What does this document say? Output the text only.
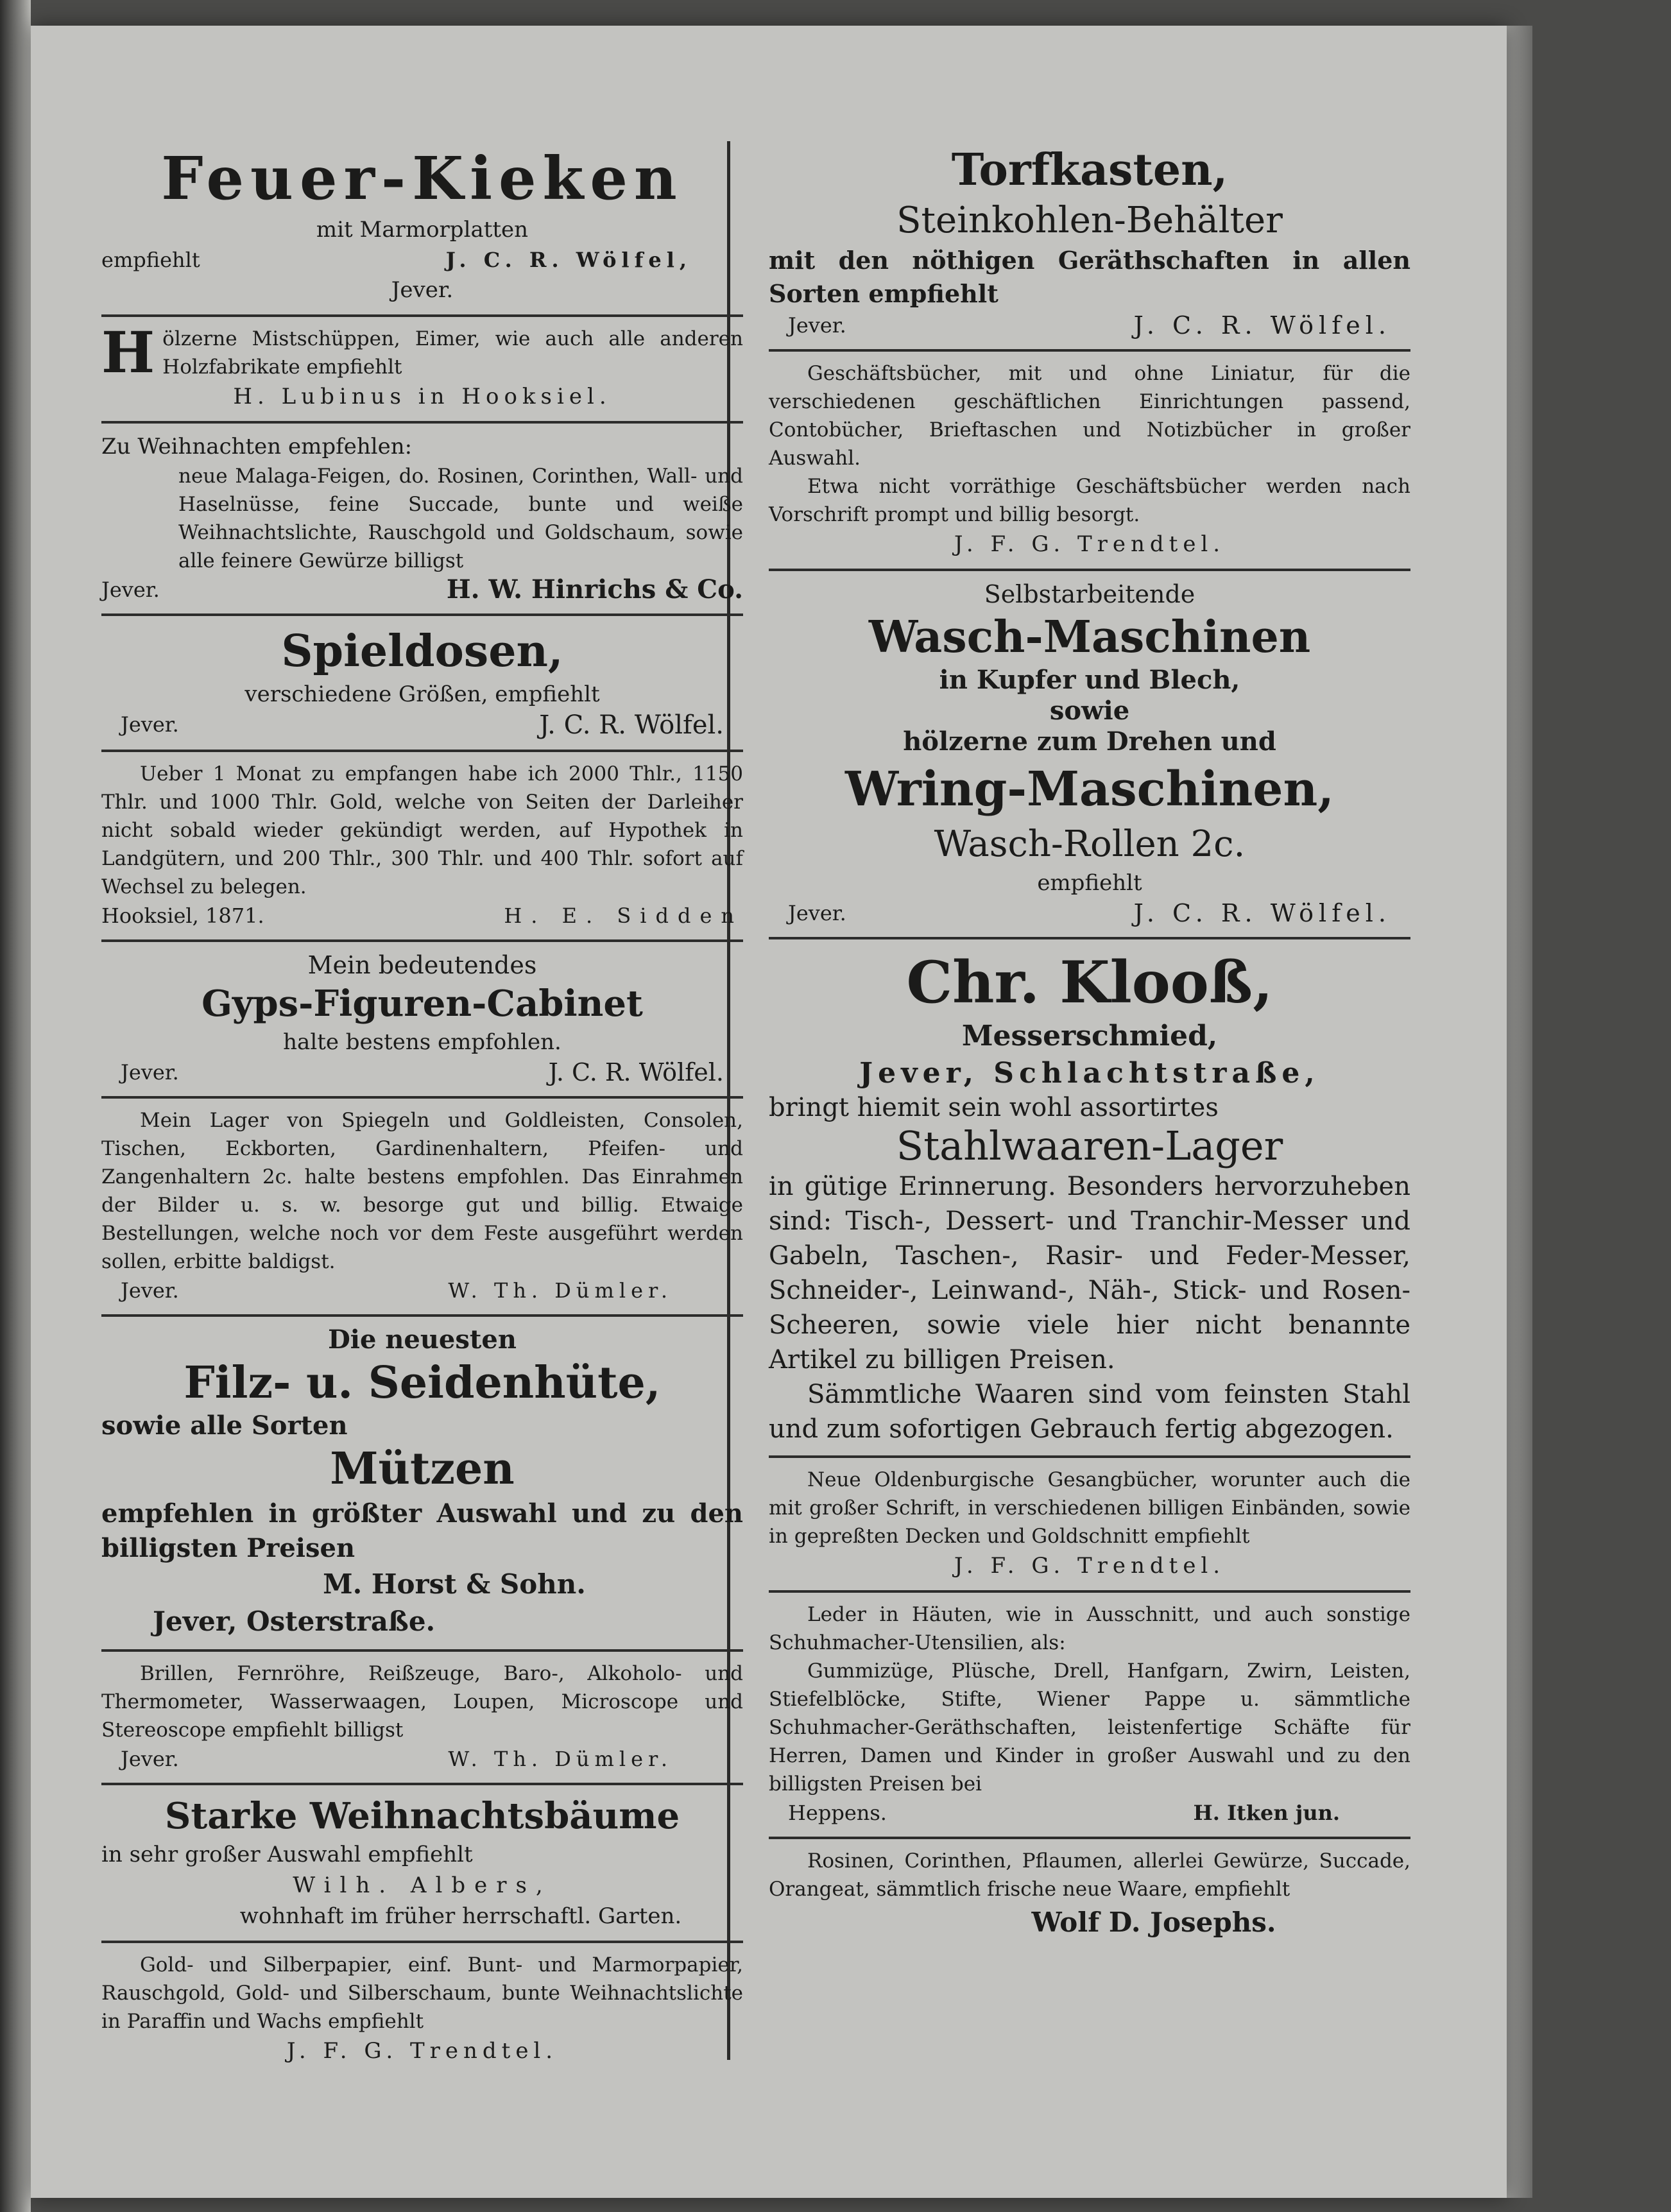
Feuer-Kieken
mit Marmorplatten
empfiehlt	J. C. R. Wölfel,
Jever.
H ölzerne Mistschüppen, Eimer, wie auch alle anderen Holzfabrikate empfiehlt

H. Lubinus in Hooksiel.
Zu Weihnachten empfehlen:

neue Malaga-Feigen, do. Rosinen, Corinthen, Wall- und Haselnüsse, feine Succade, bunte und weiße Weihnachtslichte, Rauschgold und Goldschaum, sowie alle feinere Gewürze billigst

Jever.	H. W. Hinrichs & Co.
Spieldosen,
verschiedene Größen, empfiehlt
Jever.	J. C. R. Wölfel.

Ueber 1 Monat zu empfangen habe ich 2000 Thlr., 1150 Thlr. und 1000 Thlr. Gold, welche von Seiten der Darleiher nicht sobald wieder gekündigt werden, auf Hypothek in Landgütern, und 200 Thlr., 300 Thlr. und 400 Thlr. sofort auf Wechsel zu belegen.

Hooksiel, 1871.	H. E. Sidden
Mein bedeutendes
Gyps-Figuren-Cabinet
halte bestens empfohlen.
Jever.	J. C. R. Wölfel.

Mein Lager von Spiegeln und Goldleisten, Consolen, Tischen, Eckborten, Gardinenhaltern, Pfeifen- und Zangenhaltern 2c. halte bestens empfohlen. Das Einrahmen der Bilder u. s. w. besorge gut und billig. Etwaige Bestellungen, welche noch vor dem Feste ausgeführt werden sollen, erbitte baldigst.

Jever.	W. Th. Dümler.
Die neuesten
Filz- u. Seidenhüte,
sowie alle Sorten
Mützen

empfehlen in größter Auswahl und zu den billigsten Preisen

M. Horst & Sohn.
Jever, Osterstraße.

Brillen, Fernröhre, Reißzeuge, Baro-, Alkoholo- und Thermometer, Wasserwaagen, Loupen, Microscope und Stereoscope empfiehlt billigst

Jever.	W. Th. Dümler.
Starke Weihnachtsbäume
in sehr großer Auswahl empfiehlt
Wilh. Albers,
wohnhaft im früher herrschaftl. Garten.

Gold- und Silberpapier, einf. Bunt- und Marmorpapier, Rauschgold, Gold- und Silberschaum, bunte Weihnachtslichte in Paraffin und Wachs empfiehlt

J. F. G. Trendtel.
Torfkasten,
Steinkohlen-Behälter

mit den nöthigen Geräthschaften in allen Sorten empfiehlt

Jever.	J. C. R. Wölfel.

Geschäftsbücher, mit und ohne Liniatur, für die verschiedenen geschäftlichen Einrichtungen passend, Contobücher, Brieftaschen und Notizbücher in großer Auswahl.

Etwa nicht vorräthige Geschäftsbücher werden nach Vorschrift prompt und billig besorgt.

J. F. G. Trendtel.
Selbstarbeitende
Wasch-Maschinen
in Kupfer und Blech,
sowie
hölzerne zum Drehen und
Wring-Maschinen,
Wasch-Rollen 2c.
empfiehlt
Jever.	J. C. R. Wölfel.
Chr. Klooß,
Messerschmied,
Jever, Schlachtstraße,
bringt hiemit sein wohl assortirtes
Stahlwaaren-Lager

in gütige Erinnerung. Besonders hervorzuheben sind: Tisch-, Dessert- und Tranchir-Messer und Gabeln, Taschen-, Rasir- und Feder-Messer, Schneider-, Leinwand-, Näh-, Stick- und Rosen-Scheeren, sowie viele hier nicht benannte Artikel zu billigen Preisen.

Sämmtliche Waaren sind vom feinsten Stahl und zum sofortigen Gebrauch fertig abgezogen.

Neue Oldenburgische Gesangbücher, worunter auch die mit großer Schrift, in verschiedenen billigen Einbänden, sowie in gepreßten Decken und Goldschnitt empfiehlt

J. F. G. Trendtel.

Leder in Häuten, wie in Ausschnitt, und auch sonstige Schuhmacher-Utensilien, als:

Gummizüge, Plüsche, Drell, Hanfgarn, Zwirn, Leisten, Stiefelblöcke, Stifte, Wiener Pappe u. sämmtliche Schuhmacher-Geräthschaften, leistenfertige Schäfte für Herren, Damen und Kinder in großer Auswahl und zu den billigsten Preisen bei

Heppens.	H. Itken jun.

Rosinen, Corinthen, Pflaumen, allerlei Gewürze, Succade, Orangeat, sämmtlich frische neue Waare, empfiehlt

Wolf D. Josephs.
